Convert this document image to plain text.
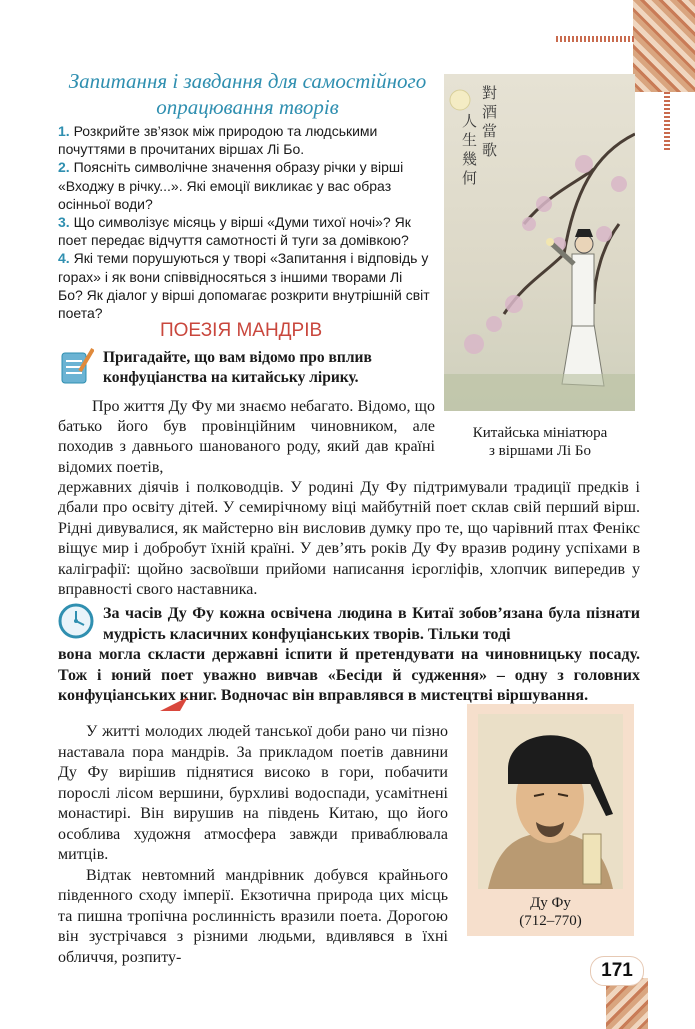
Запитання і завдання для самостійного опрацювання творів

1. Розкрийте зв’язок між природою та людськими почуттями в прочитаних віршах Лі Бо.

2. Поясніть символічне значення образу річки у вірші «Входжу в річку...». Які емоції викликає у вас образ осінньої води?

3. Що символізує місяць у вірші «Думи тихої ночі»? Як поет передає відчуття самотності й туги за домівкою?

4. Які теми порушуються у творі «Запитання і відповідь у горах» і як вони співвідносяться з іншими творами Лі Бо? Як діалог у вірші допомагає розкрити внутрішній світ поета?

對
酒
當
歌
人
生
幾
何
Китайська мініатюра
з віршами Лі Бо
ПОЕЗІЯ МАНДРІВ
Пригадайте, що вам відомо про вплив конфуціанства на китайську лірику.
Про життя Ду Фу ми знаємо небагато. Відомо, що батько його був провінційним чиновником, але походив з давнього шанованого роду, який дав країні відомих поетів,
державних діячів і полководців. У родині Ду Фу підтримували традиції предків і дбали про освіту дітей. У семирічному віці майбутній поет склав свій перший вірш. Рідні дивувалися, як майстерно він висловив думку про те, що чарівний птах Фенікс віщує мир і добробут їхній країні. У дев’ять років Ду Фу вразив родину успіхами в каліграфії: щойно засвоївши прийоми написання ієрогліфів, хлопчик випередив у вправності свого наставника.
За часів Ду Фу кожна освічена людина в Китаї зобов’язана була пізнати мудрість класичних конфуціанських творів. Тільки тоді
вона могла скласти державні іспити й претендувати на чиновницьку посаду. Тож і юний поет уважно вивчав «Бесіди й судження» – одну з головних конфуціанських книг. Водночас він вправлявся в мистецтві віршування.
У житті молодих людей танської доби рано чи пізно наставала пора мандрів. За прикладом поетів давнини Ду Фу вирішив піднятися високо в гори, побачити порослі лісом вершини, бурхливі водоспади, усамітнені монастирі. Він вирушив на південь Китаю, що його особлива художня атмосфера завжди приваблювала митців.
Відтак невтомний мандрівник добувся крайнього південного сходу імперії. Екзотична природа цих місць та пишна тропічна рослинність вразили поета. Дорогою він зустрічався з різними людьми, вдивлявся в їхні обличчя, розпиту-
Ду Фу
(712–770)
171
